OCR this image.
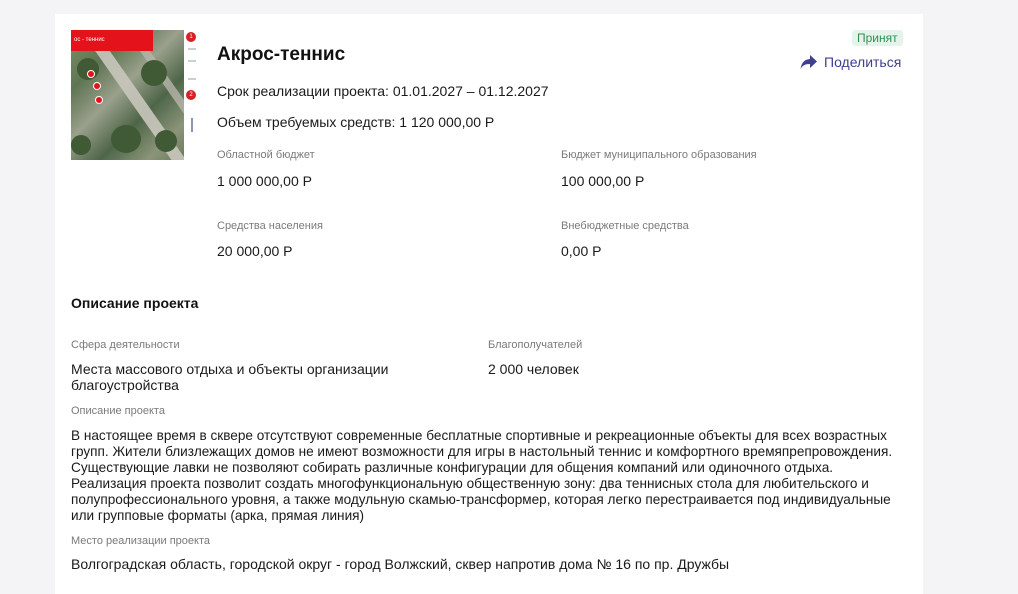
ос - теннис	1
2
Акрос-теннис
Срок реализации проекта: 01.01.2027 – 01.12.2027
Объем требуемых средств: 1 120 000,00 Р
Принят
Поделиться
Областной бюджет
1 000 000,00 Р
Бюджет муниципального образования
100 000,00 Р
Средства населения
20 000,00 Р
Внебюджетные средства
0,00 Р
Описание проекта
Сфера деятельности
Места массового отдыха и объекты организации благоустройства
Благополучателей
2 000 человек
Описание проекта
В настоящее время в сквере отсутствуют современные бесплатные спортивные и рекреационные объекты для всех возрастных групп. Жители близлежащих домов не имеют возможности для игры в настольный теннис и комфортного времяпрепровождения. Существующие лавки не позволяют собирать различные конфигурации для общения компаний или одиночного отдыха. Реализация проекта позволит создать многофункциональную общественную зону: два теннисных стола для любительского и полупрофессионального уровня, а также модульную скамью-трансформер, которая легко перестраивается под индивидуальные или групповые форматы (арка, прямая линия)
Место реализации проекта
Волгоградская область, городской округ - город Волжский, сквер напротив дома № 16 по пр. Дружбы
